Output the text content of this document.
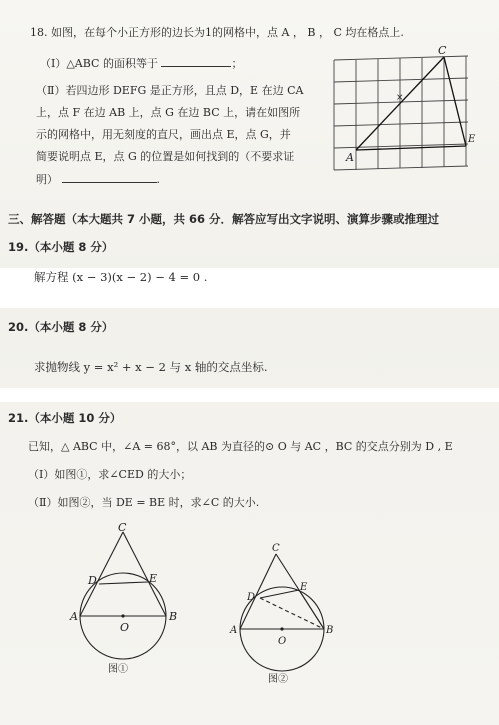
18. 如图，在每个小正方形的边长为1的网格中，点 A ， B ， C 均在格点上.
（Ⅰ）△ABC 的面积等于	；
（Ⅱ）若四边形 DEFG 是正方形，且点 D，E 在边 CA
上，点 F 在边 AB 上，点 G 在边 BC 上，请在如图所
示的网格中，用无刻度的直尺，画出点 E，点 G，并
简要说明点 E，点 G 的位置是如何找到的（不要求证
明）	.
A
C
E
×
三、解答题（本大题共 7 小题，共 66 分．解答应写出文字说明、演算步骤或推理过
19.（本小题 8 分）
解方程 (x − 3)(x − 2) − 4 = 0 .
20.（本小题 8 分）
求抛物线 y = x² + x − 2 与 x 轴的交点坐标.
21.（本小题 10 分）
已知，△ ABC 中，∠A = 68°，以 AB 为直径的⊙ O 与 AC ，BC 的交点分别为 D , E
（Ⅰ）如图①，求∠CED 的大小；
（Ⅱ）如图②，当 DE = BE 时，求∠C 的大小.
C
D	E
A
O
B
图①
C
D
E
A
O
B
图②
